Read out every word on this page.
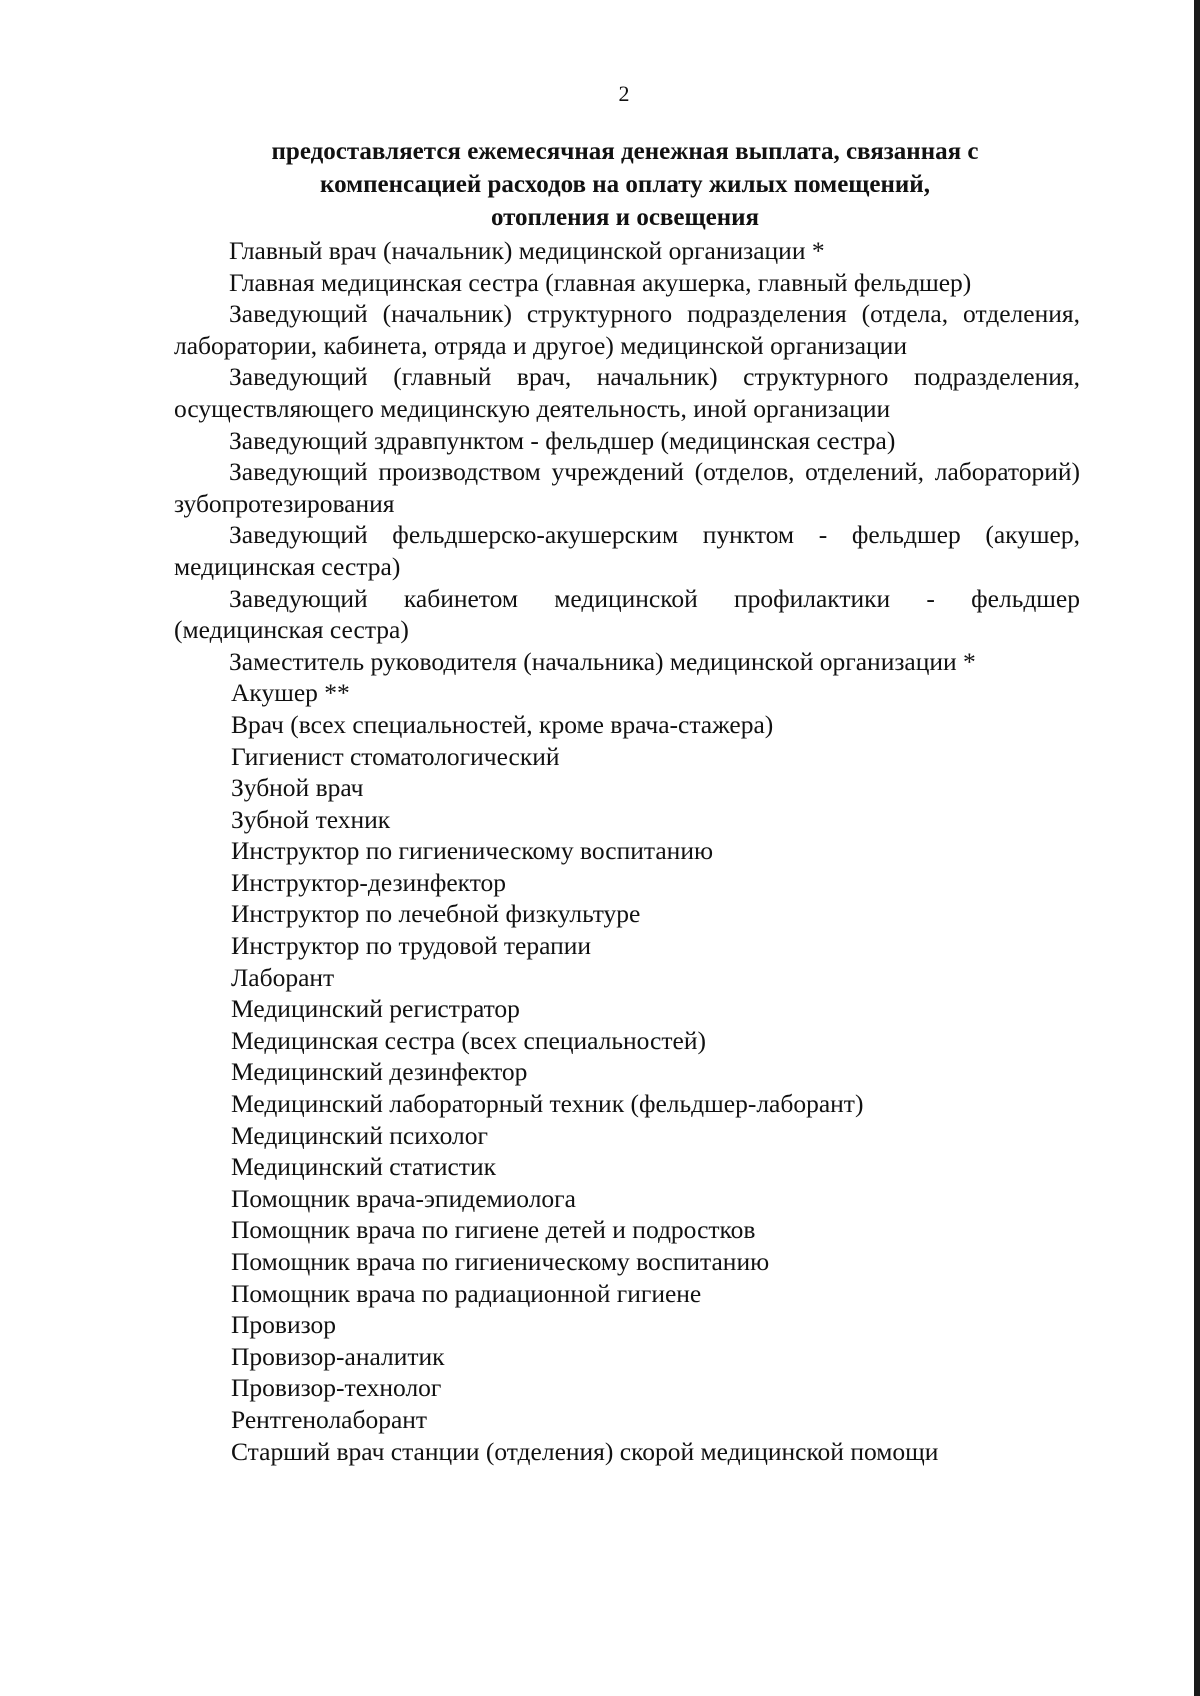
2
предоставляется ежемесячная денежная выплата, связанная с
компенсацией расходов на оплату жилых помещений,
отопления и освещения

Главный врач (начальник) медицинской организации *

Главная медицинская сестра (главная акушерка, главный фельдшер)

Заведующий (начальник) структурного подразделения (отдела, отделения, лаборатории, кабинета, отряда и другое) медицинской организации

Заведующий (главный врач, начальник) структурного подразделения, осуществляющего медицинскую деятельность, иной организации

Заведующий здравпунктом - фельдшер (медицинская сестра)

Заведующий производством учреждений (отделов, отделений, лабораторий) зубопротезирования

Заведующий фельдшерско-акушерским пунктом - фельдшер (акушер, медицинская сестра)

Заведующий кабинетом медицинской профилактики - фельдшер (медицинская сестра)

Заместитель руководителя (начальника) медицинской организации *

Акушер **

Врач (всех специальностей, кроме врача-стажера)

Гигиенист стоматологический

Зубной врач

Зубной техник

Инструктор по гигиеническому воспитанию

Инструктор-дезинфектор

Инструктор по лечебной физкультуре

Инструктор по трудовой терапии

Лаборант

Медицинский регистратор

Медицинская сестра (всех специальностей)

Медицинский дезинфектор

Медицинский лабораторный техник (фельдшер-лаборант)

Медицинский психолог

Медицинский статистик

Помощник врача-эпидемиолога

Помощник врача по гигиене детей и подростков

Помощник врача по гигиеническому воспитанию

Помощник врача по радиационной гигиене

Провизор

Провизор-аналитик

Провизор-технолог

Рентгенолаборант

Старший врач станции (отделения) скорой медицинской помощи
